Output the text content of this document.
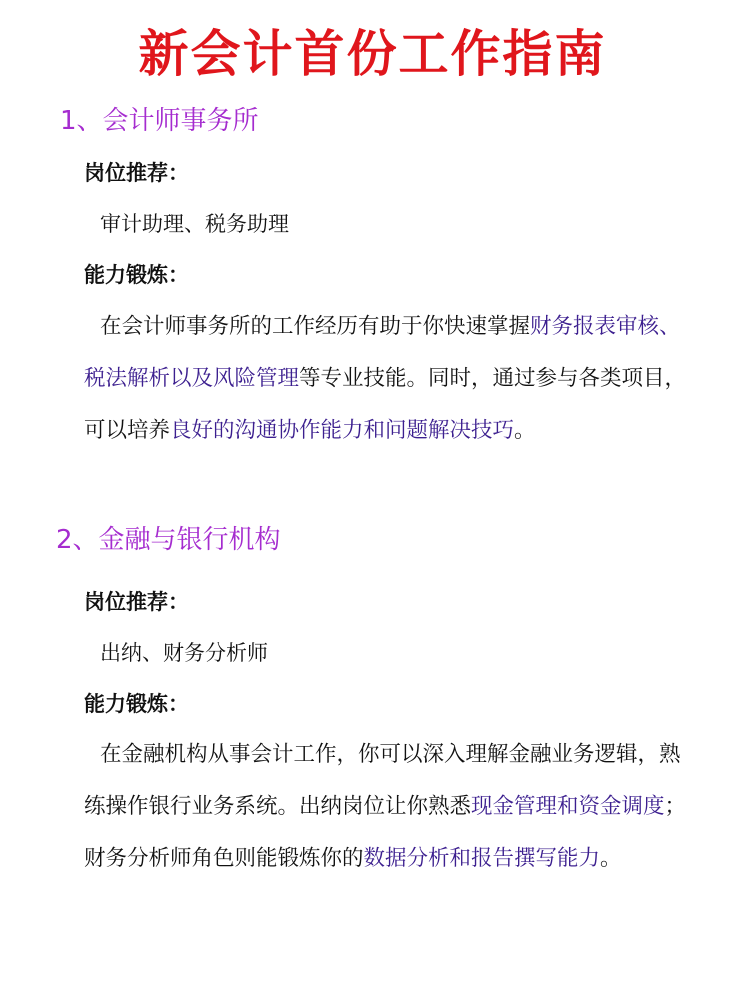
新会计首份工作指南
1、会计师事务所

岗位推荐：

审计助理、税务助理

能力锻炼：

在会计师事务所的工作经历有助于你快速掌握财务报表审核、税法解析以及风险管理等专业技能。同时，通过参与各类项目，可以培养良好的沟通协作能力和问题解决技巧。

2、金融与银行机构

岗位推荐：

出纳、财务分析师

能力锻炼：

在金融机构从事会计工作，你可以深入理解金融业务逻辑，熟练操作银行业务系统。出纳岗位让你熟悉现金管理和资金调度；财务分析师角色则能锻炼你的数据分析和报告撰写能力。
